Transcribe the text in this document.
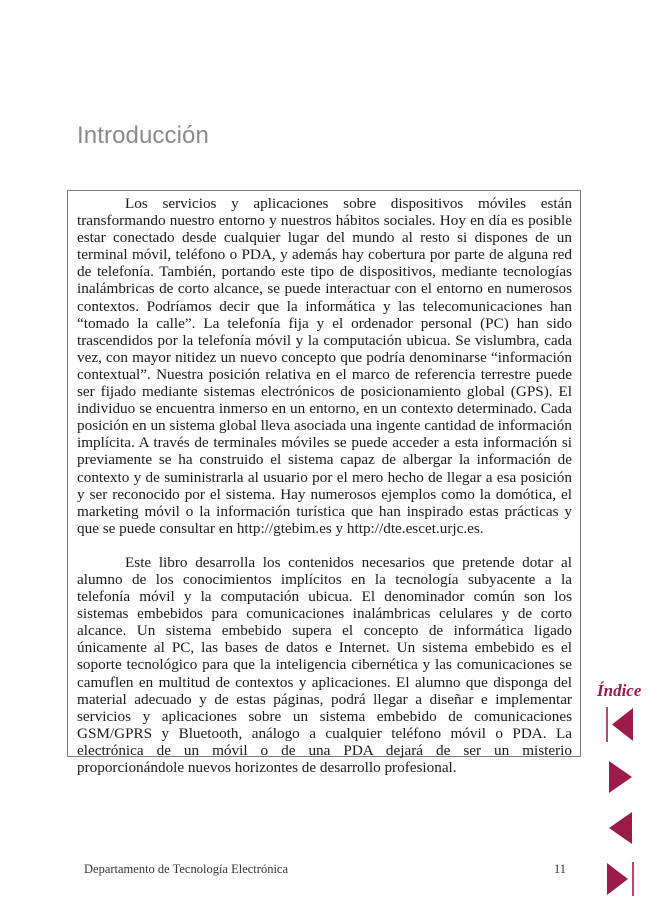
Introducción

Los servicios y aplicaciones sobre dispositivos móviles están transformando nuestro entorno y nuestros hábitos sociales. Hoy en día es posible estar conectado desde cualquier lugar del mundo al resto si dispones de un terminal móvil, teléfono o PDA, y además hay cobertura por parte de alguna red de telefonía. También, portando este tipo de dispositivos, mediante tecnologías inalámbricas de corto alcance, se puede interactuar con el entorno en numerosos contextos. Podríamos decir que la informática y las telecomunicaciones han “tomado la calle”. La telefonía fija y el ordenador personal (PC) han sido trascendidos por la telefonía móvil y la computación ubicua. Se vislumbra, cada vez, con mayor nitidez un nuevo concepto que podría denominarse “información contextual”. Nuestra posición relativa en el marco de referencia terrestre puede ser fijado mediante sistemas electrónicos de posicionamiento global (GPS). El individuo se encuentra inmerso en un entorno, en un contexto determinado. Cada posición en un sistema global lleva asociada una ingente cantidad de información implícita. A través de terminales móviles se puede acceder a esta información si previamente se ha construido el sistema capaz de albergar la información de contexto y de suministrarla al usuario por el mero hecho de llegar a esa posición y ser reconocido por el sistema. Hay numerosos ejemplos como la domótica, el marketing móvil o la información turística que han inspirado estas prácticas y que se puede consultar en http://gtebim.es y http://dte.escet.urjc.es.

Este libro desarrolla los contenidos necesarios que pretende dotar al alumno de los conocimientos implícitos en la tecnología subyacente a la telefonía móvil y la computación ubicua. El denominador común son los sistemas embebidos para comunicaciones inalámbricas celulares y de corto alcance. Un sistema embebido supera el concepto de informática ligado únicamente al PC, las bases de datos e Internet. Un sistema embebido es el soporte tecnológico para que la inteligencia cibernética y las comunicaciones se camuflen en multitud de contextos y aplicaciones. El alumno que disponga del material adecuado y de estas páginas, podrá llegar a diseñar e implementar servicios y aplicaciones sobre un sistema embebido de comunicaciones GSM/GPRS y Bluetooth, análogo a cualquier teléfono móvil o PDA. La electrónica de un móvil o de una PDA dejará de ser un misterio proporcionándole nuevos horizontes de desarrollo profesional.

Índice
Departamento de Tecnología Electrónica	11
